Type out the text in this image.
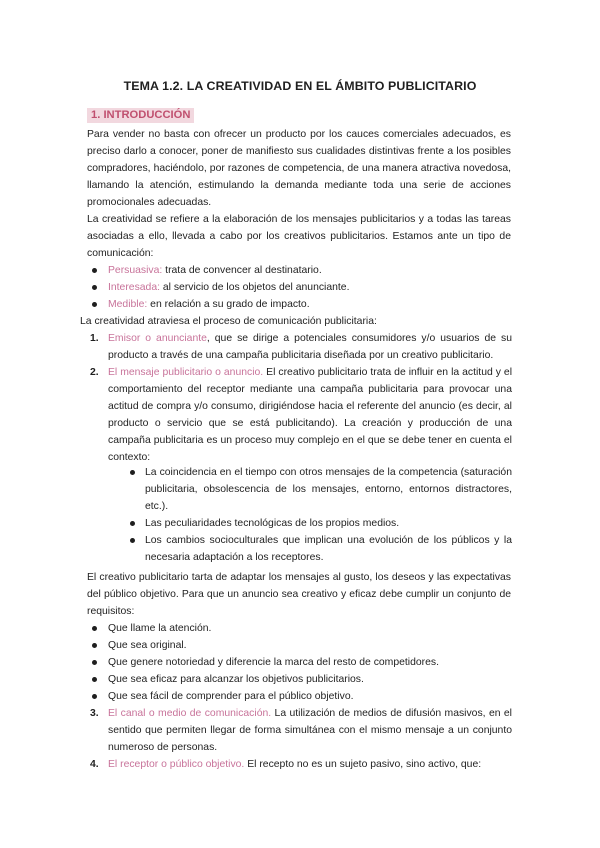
TEMA 1.2. LA CREATIVIDAD EN EL ÁMBITO PUBLICITARIO
1. INTRODUCCIÓN

Para vender no basta con ofrecer un producto por los cauces comerciales adecuados, es preciso darlo a conocer, poner de manifiesto sus cualidades distintivas frente a los posibles compradores, haciéndolo, por razones de competencia, de una manera atractiva novedosa, llamando la atención, estimulando la demanda mediante toda una serie de acciones promocionales adecuadas.

La creatividad se refiere a la elaboración de los mensajes publicitarios y a todas las tareas asociadas a ello, llevada a cabo por los creativos publicitarios. Estamos ante un tipo de comunicación:

Persuasiva: trata de convencer al destinatario.
Interesada: al servicio de los objetos del anunciante.
Medible: en relación a su grado de impacto.

La creatividad atraviesa el proceso de comunicación publicitaria:

1. Emisor o anunciante, que se dirige a potenciales consumidores y/o usuarios de su producto a través de una campaña publicitaria diseñada por un creativo publicitario.

2. El mensaje publicitario o anuncio. El creativo publicitario trata de influir en la actitud y el comportamiento del receptor mediante una campaña publicitaria para provocar una actitud de compra y/o consumo, dirigiéndose hacia el referente del anuncio (es decir, al producto o servicio que se está publicitando). La creación y producción de una campaña publicitaria es un proceso muy complejo en el que se debe tener en cuenta el contexto:

La coincidencia en el tiempo con otros mensajes de la competencia (saturación publicitaria, obsolescencia de los mensajes, entorno, entornos distractores, etc.).

Las peculiaridades tecnológicas de los propios medios.

Los cambios socioculturales que implican una evolución de los públicos y la necesaria adaptación a los receptores.

El creativo publicitario tarta de adaptar los mensajes al gusto, los deseos y las expectativas del público objetivo. Para que un anuncio sea creativo y eficaz debe cumplir un conjunto de requisitos:

Que llame la atención.
Que sea original.
Que genere notoriedad y diferencie la marca del resto de competidores.
Que sea eficaz para alcanzar los objetivos publicitarios.
Que sea fácil de comprender para el público objetivo.
3. El canal o medio de comunicación. La utilización de medios de difusión masivos, en el sentido que permiten llegar de forma simultánea con el mismo mensaje a un conjunto numeroso de personas.

4. El receptor o público objetivo. El recepto no es un sujeto pasivo, sino activo, que:
